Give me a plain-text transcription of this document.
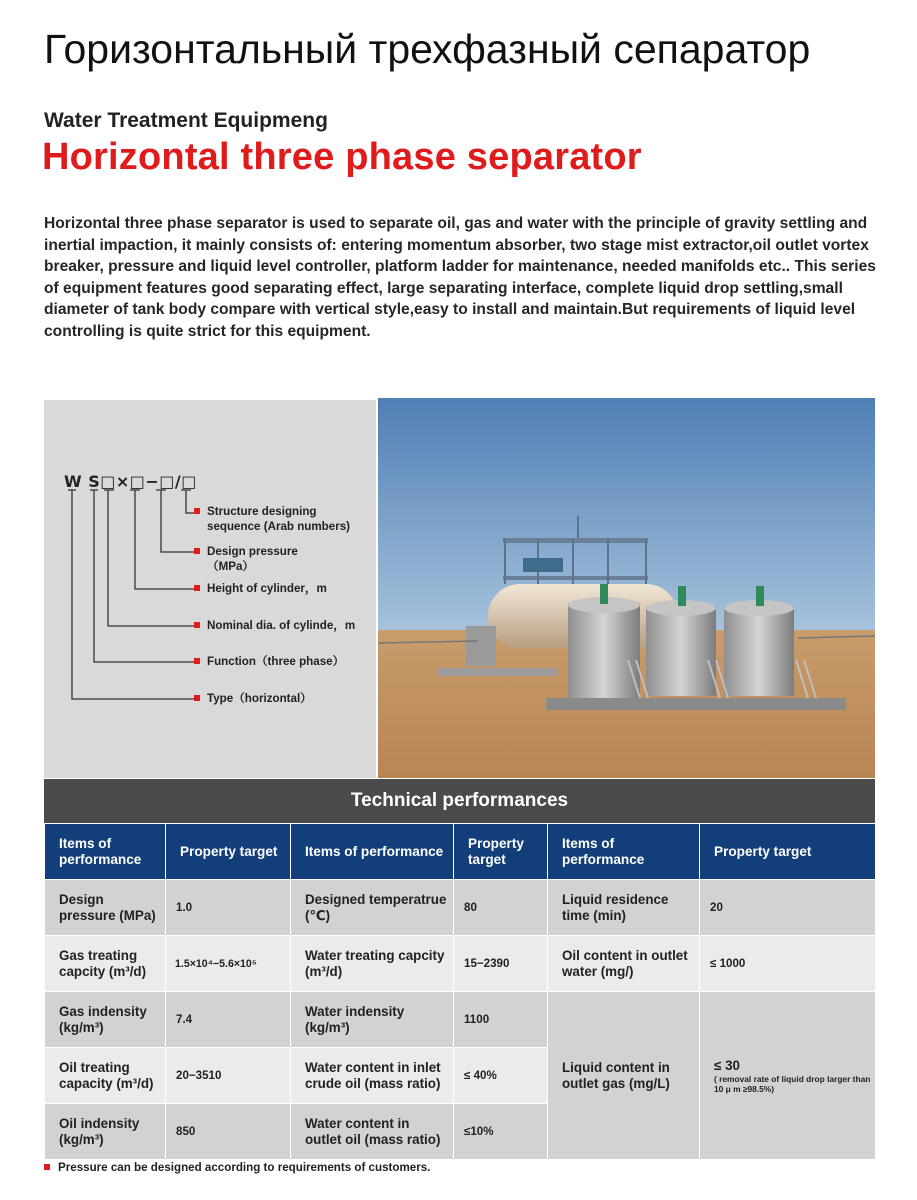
Горизонтальный трехфазный сепаратор
Water Treatment Equipmeng
Horizontal three phase separator

Horizontal three phase separator is used to separate oil, gas and water with the principle of gravity settling and inertial impaction, it mainly consists of: entering momentum absorber, two stage mist extractor,oil outlet vortex breaker, pressure and liquid level controller, platform ladder for maintenance, needed manifolds etc.. This series of equipment features good separating effect, large separating interface, complete liquid drop settling,small diameter of tank body compare with vertical style,easy to install and maintain.But requirements of liquid level controlling is quite strict for this equipment.

W S□×□−□/□
Structure designing
sequence (Arab numbers)
Design pressure
（MPa）
Height of cylinder，m
Nominal dia. of cylinde，m
Function（three phase）
Type（horizontal）
Technical performances
Items of performance	Property target	Items of performance	Property target	Items of performance	Property target
Design pressure (MPa)	1.0	Designed temperatrue (℃)	80	Liquid residence time (min)	20
Gas treating capcity (m³/d)	1.5×10⁴−5.6×10⁵	Water treating capcity (m³/d)	15−2390	Oil content in outlet water (mg/)	≤ 1000
Gas indensity (kg/m³)	7.4	Water indensity (kg/m³)	1100	Liquid content in outlet gas (mg/L)	≤ 30
( removal rate of liquid drop larger than 10 μ m ≥98.5%)

Oil treating capacity (m³/d)	20−3510	Water content in inlet crude oil (mass ratio)	≤ 40%		
Oil indensity (kg/m³)	850	Water content in outlet oil (mass ratio)	≤10%		
Pressure can be designed according to requirements of customers.
